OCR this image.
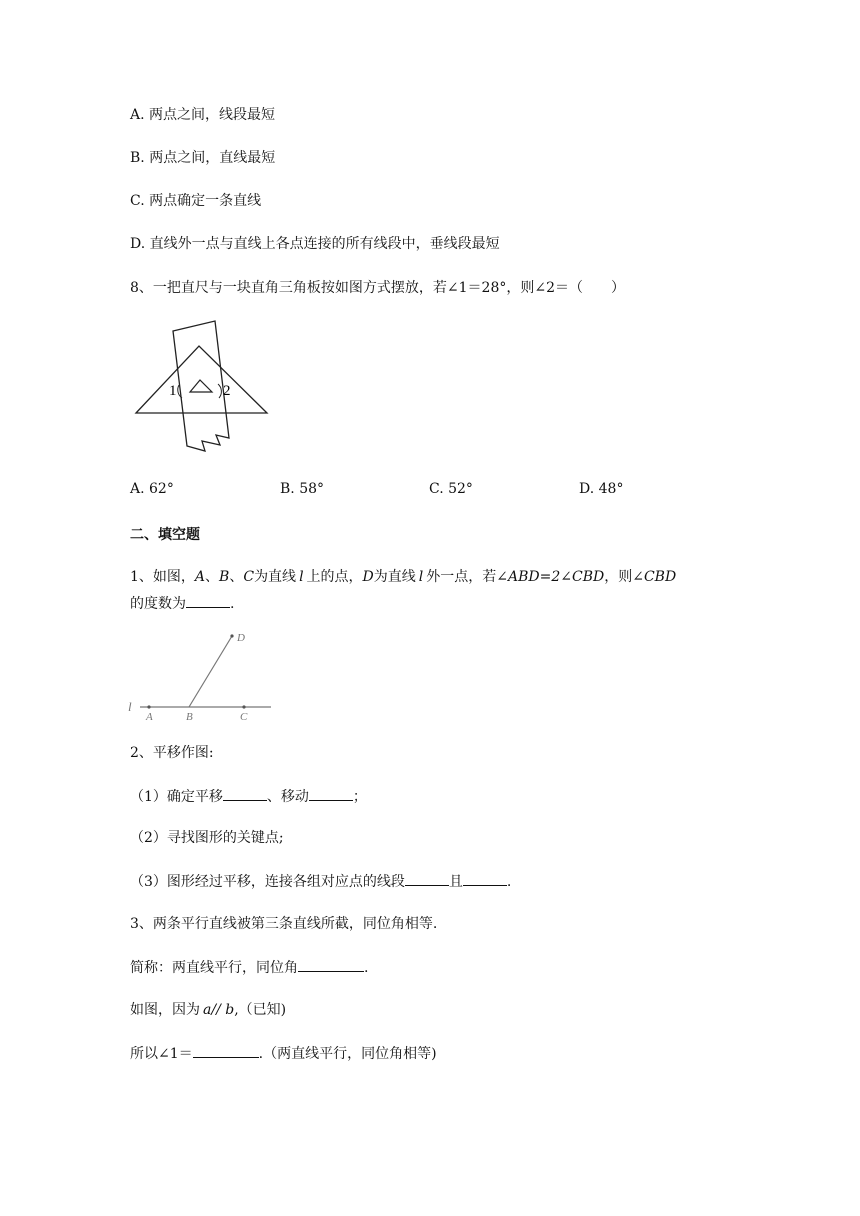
A. 两点之间，线段最短
B. 两点之间，直线最短
C. 两点确定一条直线
D. 直线外一点与直线上各点连接的所有线段中，垂线段最短
8、一把直尺与一块直角三角板按如图方式摆放，若∠1＝28°，则∠2＝（　　）
1	2
A. 62°	B. 58°	C. 52°	D. 48°
二、填空题
1、如图，A、B、C为直线 l 上的点，D为直线 l 外一点，若∠ABD=2∠CBD，则∠CBD
的度数为	.
l
A	B	C
D
2、平移作图:
（1）确定平移	、移动	；
（2）寻找图形的关键点;
（3）图形经过平移，连接各组对应点的线段	且	.
3、两条平行直线被第三条直线所截，同位角相等.
简称：两直线平行，同位角	.
如图，因为 a// b,（已知)
所以∠1＝	.（两直线平行，同位角相等)
